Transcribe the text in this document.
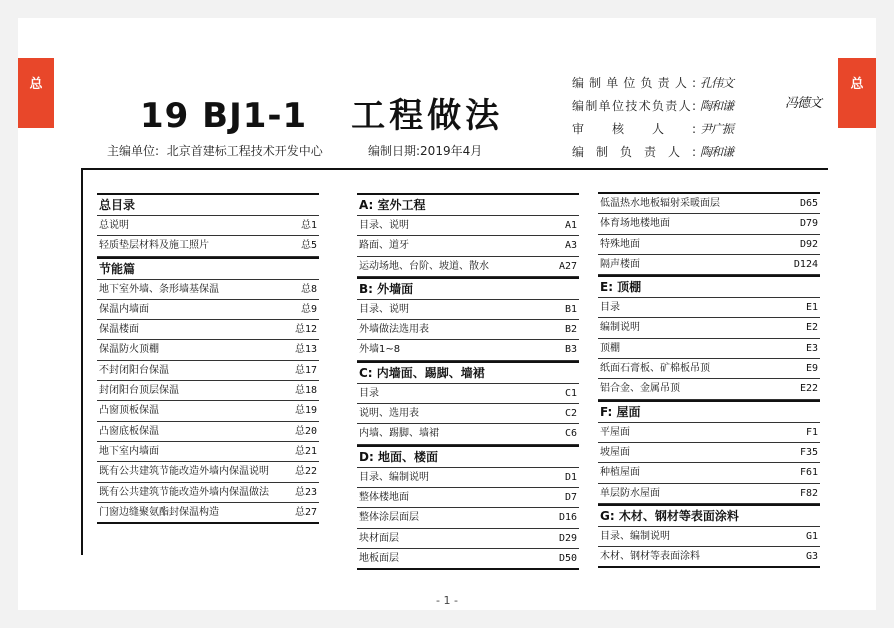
总	总
19 BJ1-1 工程做法
主编单位: 北京首建标工程技术开发中心	编制日期:2019年4月
编制单位负责人: 孔伟文
编制单位技术负责人: 陶和谦
审核人: 尹广振
编制负责人: 陶和谦
冯德文
总目录
总说明	总1
轻质垫层材料及施工照片	总5
节能篇
地下室外墙、条形墙基保温	总8
保温内墙面	总9
保温楼面	总12
保温防火顶棚	总13
不封闭阳台保温	总17
封闭阳台顶层保温	总18
凸窗顶板保温	总19
凸窗底板保温	总20
地下室内墙面	总21
既有公共建筑节能改造外墙内保温说明	总22
既有公共建筑节能改造外墙内保温做法	总23
门窗边缝聚氨酯封保温构造	总27
A: 室外工程
目录、说明	A1
路面、道牙	A3
运动场地、台阶、坡道、散水	A27
B: 外墙面
目录、说明	B1
外墙做法选用表	B2
外墙1~8	B3
C: 内墙面、踢脚、墙裙
目录	C1
说明、选用表	C2
内墙、踢脚、墙裙	C6
D: 地面、楼面
目录、编制说明	D1
整体楼地面	D7
整体涂层面层	D16
块材面层	D29
地板面层	D50
低温热水地板辐射采暖面层	D65
体育场地楼地面	D79
特殊地面	D92
隔声楼面	D124
E: 顶棚
目录	E1
编制说明	E2
顶棚	E3
纸面石膏板、矿棉板吊顶	E9
铝合金、金属吊顶	E22
F: 屋面
平屋面	F1
坡屋面	F35
种植屋面	F61
单层防水屋面	F82
G: 木材、钢材等表面涂料
目录、编制说明	G1
木材、钢材等表面涂料	G3
- 1 -
